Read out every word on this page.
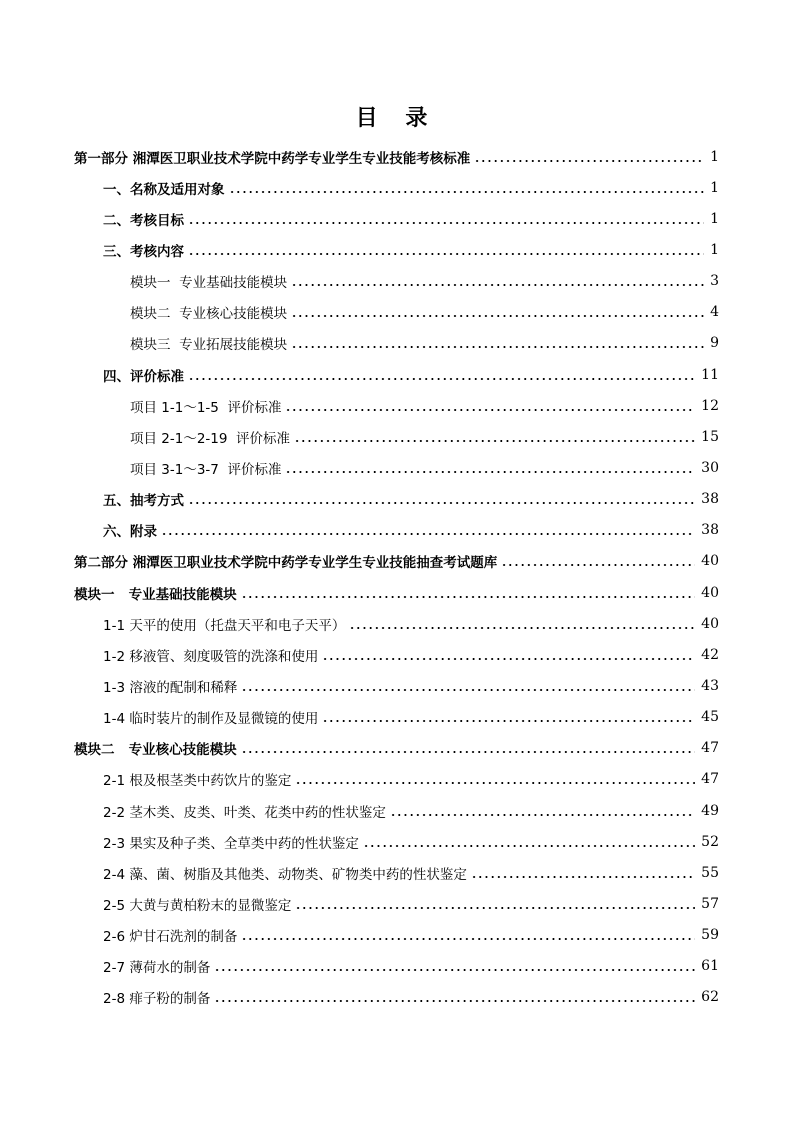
目 录
第一部分 湘潭医卫职业技术学院中药学专业学生专业技能考核标准	1
一、名称及适用对象	1
二、考核目标	1
三、考核内容	1
模块一  专业基础技能模块	3
模块二  专业核心技能模块	4
模块三  专业拓展技能模块	9
四、评价标准	11
项目 1-1～1-5  评价标准	12
项目 2-1～2-19  评价标准	15
项目 3-1～3-7  评价标准	30
五、抽考方式	38
六、附录	38
第二部分 湘潭医卫职业技术学院中药学专业学生专业技能抽查考试题库	40
模块一   专业基础技能模块	40
1-1 天平的使用（托盘天平和电子天平）	40
1-2 移液管、刻度吸管的洗涤和使用	42
1-3 溶液的配制和稀释	43
1-4 临时装片的制作及显微镜的使用	45
模块二   专业核心技能模块	47
2-1 根及根茎类中药饮片的鉴定	47
2-2 茎木类、皮类、叶类、花类中药的性状鉴定	49
2-3 果实及种子类、全草类中药的性状鉴定	52
2-4 藻、菌、树脂及其他类、动物类、矿物类中药的性状鉴定	55
2-5 大黄与黄柏粉末的显微鉴定	57
2-6 炉甘石洗剂的制备	59
2-7 薄荷水的制备	61
2-8 痱子粉的制备	62
